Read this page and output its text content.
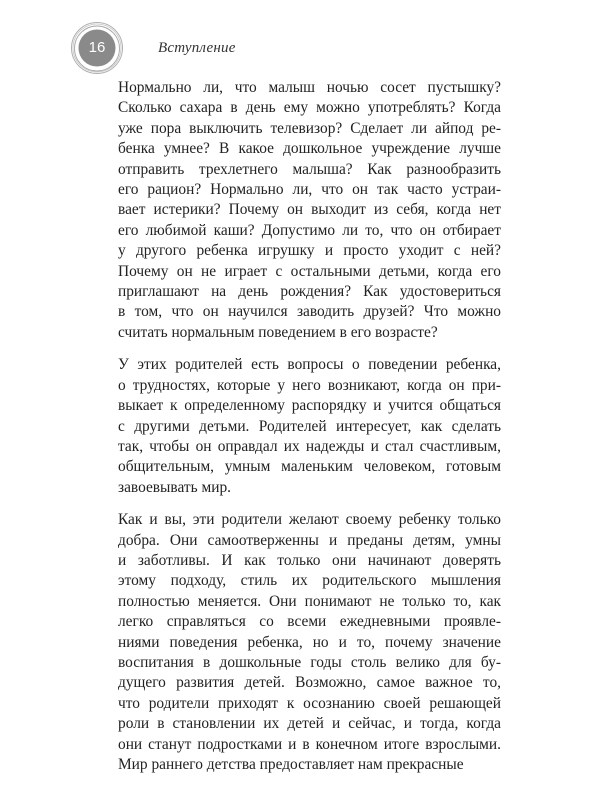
16	Вступление
Нормально ли, что малыш ночью сосет пустышку?
Сколько сахара в день ему можно употреблять? Когда
уже пора выключить телевизор? Сделает ли айпод ре-
бенка умнее? В какое дошкольное учреждение лучше
отправить трехлетнего малыша? Как разнообразить
его рацион? Нормально ли, что он так часто устраи-
вает истерики? Почему он выходит из себя, когда нет
его любимой каши? Допустимо ли то, что он отбирает
у другого ребенка игрушку и просто уходит с ней?
Почему он не играет с остальными детьми, когда его
приглашают на день рождения? Как удостовериться
в том, что он научился заводить друзей? Что можно
считать нормальным поведением в его возрасте?
У этих родителей есть вопросы о поведении ребенка,
о трудностях, которые у него возникают, когда он при-
выкает к определенному распорядку и учится общаться
с другими детьми. Родителей интересует, как сделать
так, чтобы он оправдал их надежды и стал счастливым,
общительным, умным маленьким человеком, готовым
завоевывать мир.
Как и вы, эти родители желают своему ребенку только
добра. Они самоотверженны и преданы детям, умны
и заботливы. И как только они начинают доверять
этому подходу, стиль их родительского мышления
полностью меняется. Они понимают не только то, как
легко справляться со всеми ежедневными проявле-
ниями поведения ребенка, но и то, почему значение
воспитания в дошкольные годы столь велико для бу-
дущего развития детей. Возможно, самое важное то,
что родители приходят к осознанию своей решающей
роли в становлении их детей и сейчас, и тогда, когда
они станут подростками и в конечном итоге взрослыми.
Мир раннего детства предоставляет нам прекрасные
